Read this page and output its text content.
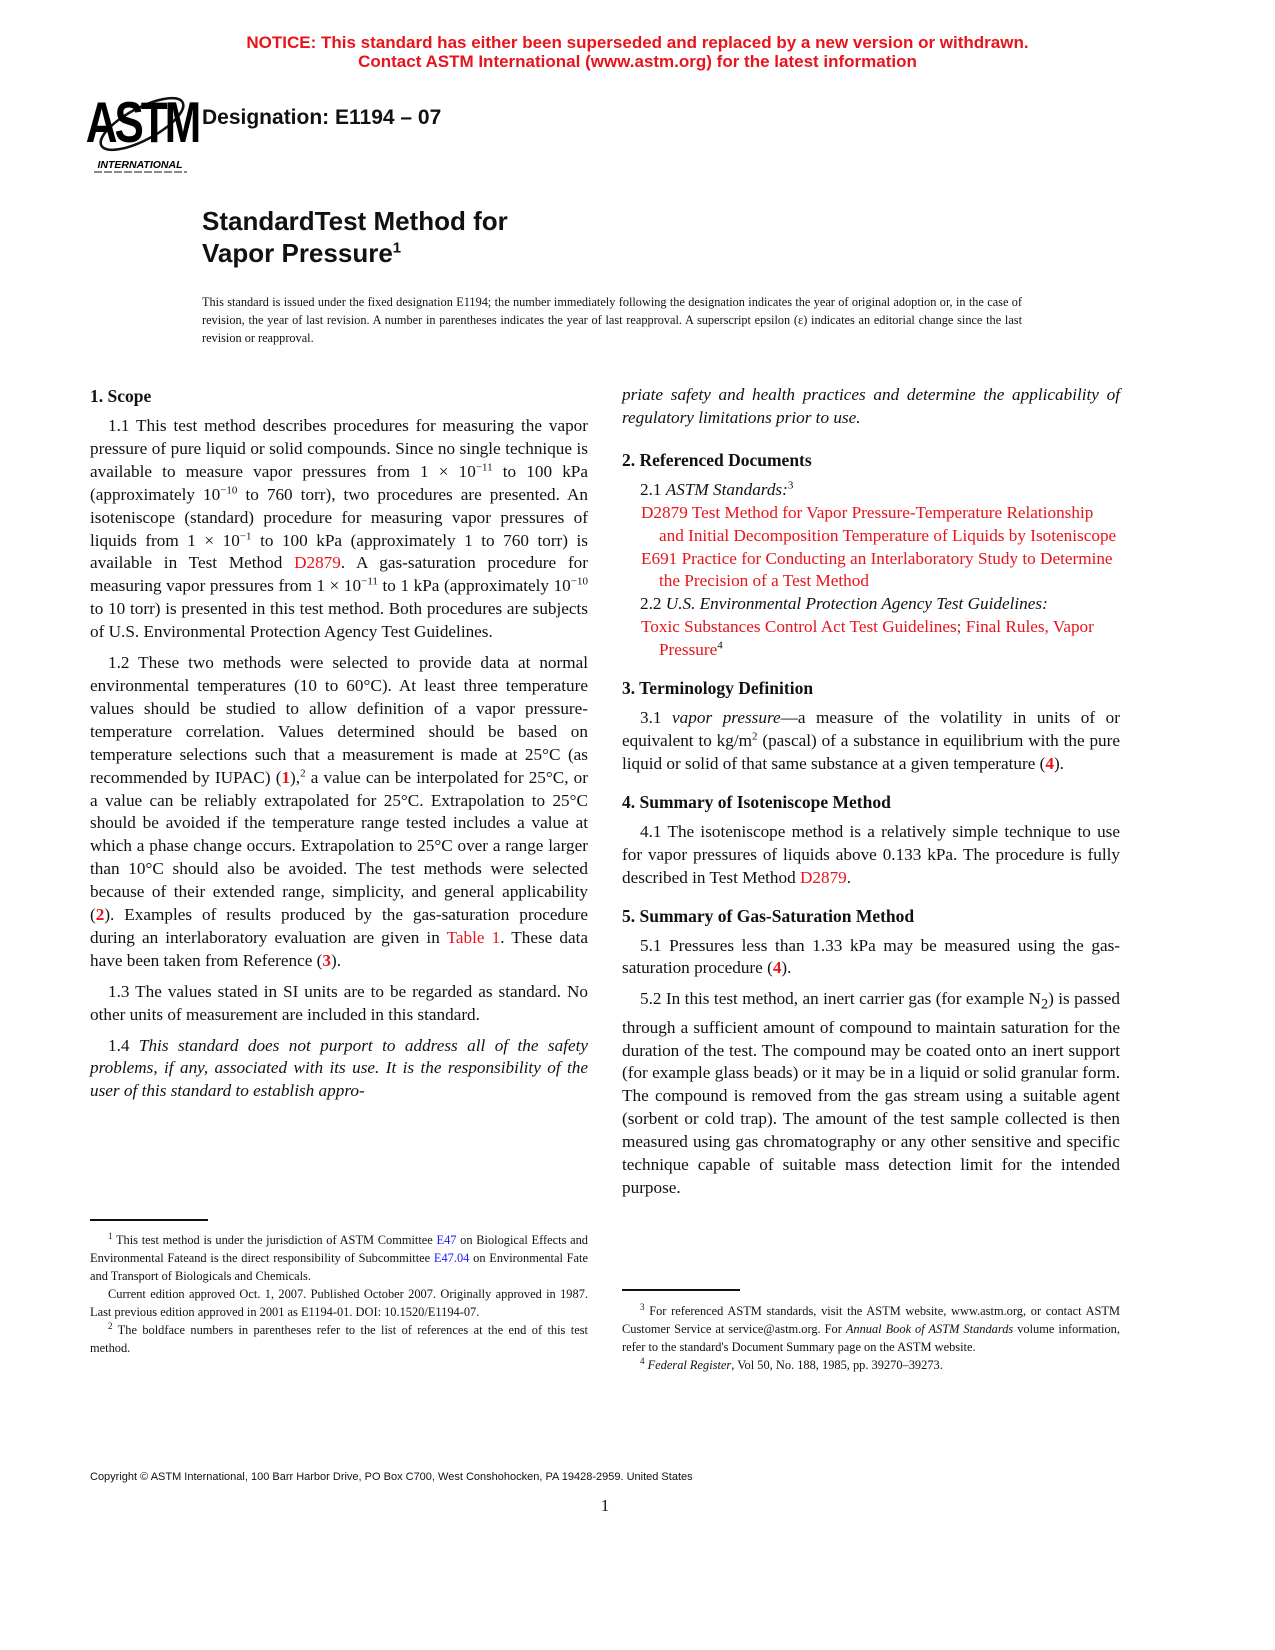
NOTICE: This standard has either been superseded and replaced by a new version or withdrawn.
Contact ASTM International (www.astm.org) for the latest information
ASTM
INTERNATIONAL
Designation: E1194 – 07
StandardTest Method for
Vapor Pressure$^1$
This standard is issued under the fixed designation E1194; the number immediately following the designation indicates the year of original adoption or, in the case of revision, the year of last revision. A number in parentheses indicates the year of last reapproval. A superscript epsilon (ε) indicates an editorial change since the last revision or reapproval.
1. Scope

1.1 This test method describes procedures for measuring the vapor pressure of pure liquid or solid compounds. Since no single technique is available to measure vapor pressures from $1 \times 10^{-11}$ to 100 kPa (approximately $10^{-10}$ to 760 torr), two procedures are presented. An isoteniscope (standard) procedure for measuring vapor pressures of liquids from $1 \times 10^{-1}$ to 100 kPa (approximately 1 to 760 torr) is available in Test Method D2879. A gas-saturation procedure for measuring vapor pressures from $1 \times 10^{-11}$ to 1 kPa (approximately $10^{-10}$ to 10 torr) is presented in this test method. Both procedures are subjects of U.S. Environmental Protection Agency Test Guidelines.

1.2 These two methods were selected to provide data at normal environmental temperatures (10 to 60°C). At least three temperature values should be studied to allow definition of a vapor pressure-temperature correlation. Values determined should be based on temperature selections such that a measurement is made at 25°C (as recommended by IUPAC) (1),$^2$ a value can be interpolated for 25°C, or a value can be reliably extrapolated for 25°C. Extrapolation to 25°C should be avoided if the temperature range tested includes a value at which a phase change occurs. Extrapolation to 25°C over a range larger than 10°C should also be avoided. The test methods were selected because of their extended range, simplicity, and general applicability (2). Examples of results produced by the gas-saturation procedure during an interlaboratory evaluation are given in Table 1. These data have been taken from Reference (3).

1.3 The values stated in SI units are to be regarded as standard. No other units of measurement are included in this standard.

1.4 This standard does not purport to address all of the safety problems, if any, associated with its use. It is the responsibility of the user of this standard to establish appro-

priate safety and health practices and determine the applicability of regulatory limitations prior to use.

2. Referenced Documents

2.1 ASTM Standards:$^3$

D2879 Test Method for Vapor Pressure-Temperature Relationship and Initial Decomposition Temperature of Liquids by Isoteniscope

E691 Practice for Conducting an Interlaboratory Study to Determine the Precision of a Test Method

2.2 U.S. Environmental Protection Agency Test Guidelines:

Toxic Substances Control Act Test Guidelines; Final Rules, Vapor Pressure$^4$

3. Terminology Definition

3.1 vapor pressure—a measure of the volatility in units of or equivalent to $kg/m^2$ (pascal) of a substance in equilibrium with the pure liquid or solid of that same substance at a given temperature (4).

4. Summary of Isoteniscope Method

4.1 The isoteniscope method is a relatively simple technique to use for vapor pressures of liquids above 0.133 kPa. The procedure is fully described in Test Method D2879.

5. Summary of Gas-Saturation Method

5.1 Pressures less than 1.33 kPa may be measured using the gas-saturation procedure (4).

5.2 In this test method, an inert carrier gas (for example $N_2$) is passed through a sufficient amount of compound to maintain saturation for the duration of the test. The compound may be coated onto an inert support (for example glass beads) or it may be in a liquid or solid granular form. The compound is removed from the gas stream using a suitable agent (sorbent or cold trap). The amount of the test sample collected is then measured using gas chromatography or any other sensitive and specific technique capable of suitable mass detection limit for the intended purpose.

$^1$ This test method is under the jurisdiction of ASTM Committee E47 on Biological Effects and Environmental Fateand is the direct responsibility of Subcommittee E47.04 on Environmental Fate and Transport of Biologicals and Chemicals.

Current edition approved Oct. 1, 2007. Published October 2007. Originally approved in 1987. Last previous edition approved in 2001 as E1194-01. DOI: 10.1520/E1194-07.

$^2$ The boldface numbers in parentheses refer to the list of references at the end of this test method.

$^3$ For referenced ASTM standards, visit the ASTM website, www.astm.org, or contact ASTM Customer Service at service@astm.org. For Annual Book of ASTM Standards volume information, refer to the standard's Document Summary page on the ASTM website.

$^4$ Federal Register, Vol 50, No. 188, 1985, pp. 39270–39273.

Copyright © ASTM International, 100 Barr Harbor Drive, PO Box C700, West Conshohocken, PA 19428-2959. United States
1
